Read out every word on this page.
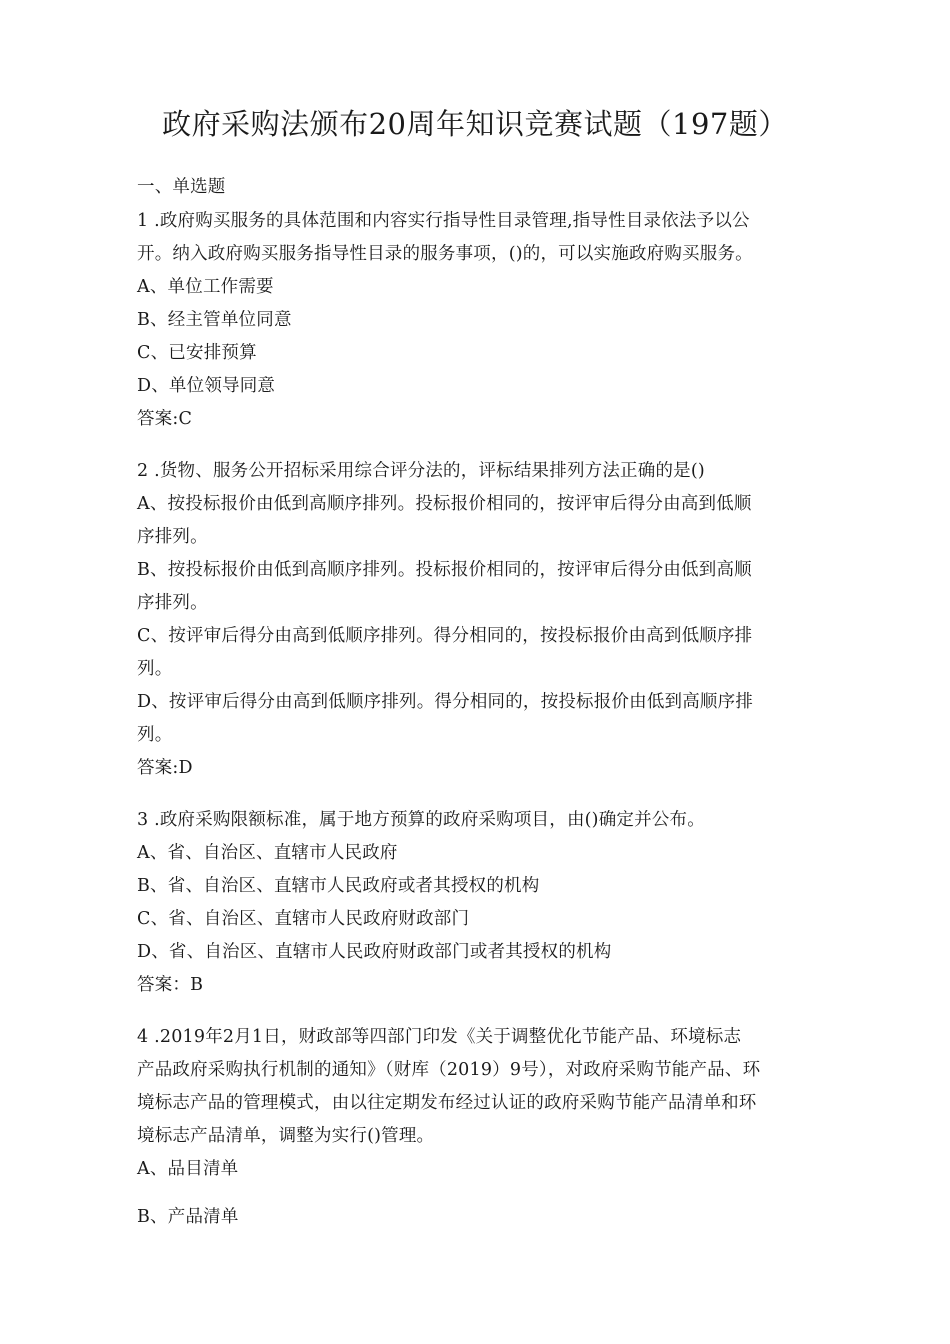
政府采购法颁布20周年知识竞赛试题（197题）
一、单选题
1 .政府购买服务的具体范围和内容实行指导性目录管理,指导性目录依法予以公
开。纳入政府购买服务指导性目录的服务事项，()的，可以实施政府购买服务。
A、单位工作需要
B、经主管单位同意
C、已安排预算
D、单位领导同意
答案:C
2 .货物、服务公开招标采用综合评分法的，评标结果排列方法正确的是()
A、按投标报价由低到高顺序排列。投标报价相同的，按评审后得分由高到低顺
序排列。
B、按投标报价由低到高顺序排列。投标报价相同的，按评审后得分由低到高顺
序排列。
C、按评审后得分由高到低顺序排列。得分相同的，按投标报价由高到低顺序排
列。
D、按评审后得分由高到低顺序排列。得分相同的，按投标报价由低到高顺序排
列。
答案:D
3 .政府采购限额标准，属于地方预算的政府采购项目，由()确定并公布。
A、省、自治区、直辖市人民政府
B、省、自治区、直辖市人民政府或者其授权的机构
C、省、自治区、直辖市人民政府财政部门
D、省、自治区、直辖市人民政府财政部门或者其授权的机构
答案：B
4 .2019年2月1日，财政部等四部门印发《关于调整优化节能产品、环境标志
产品政府采购执行机制的通知》（财库（2019）9号），对政府采购节能产品、环
境标志产品的管理模式，由以往定期发布经过认证的政府采购节能产品清单和环
境标志产品清单，调整为实行()管理。
A、品目清单
B、产品清单
